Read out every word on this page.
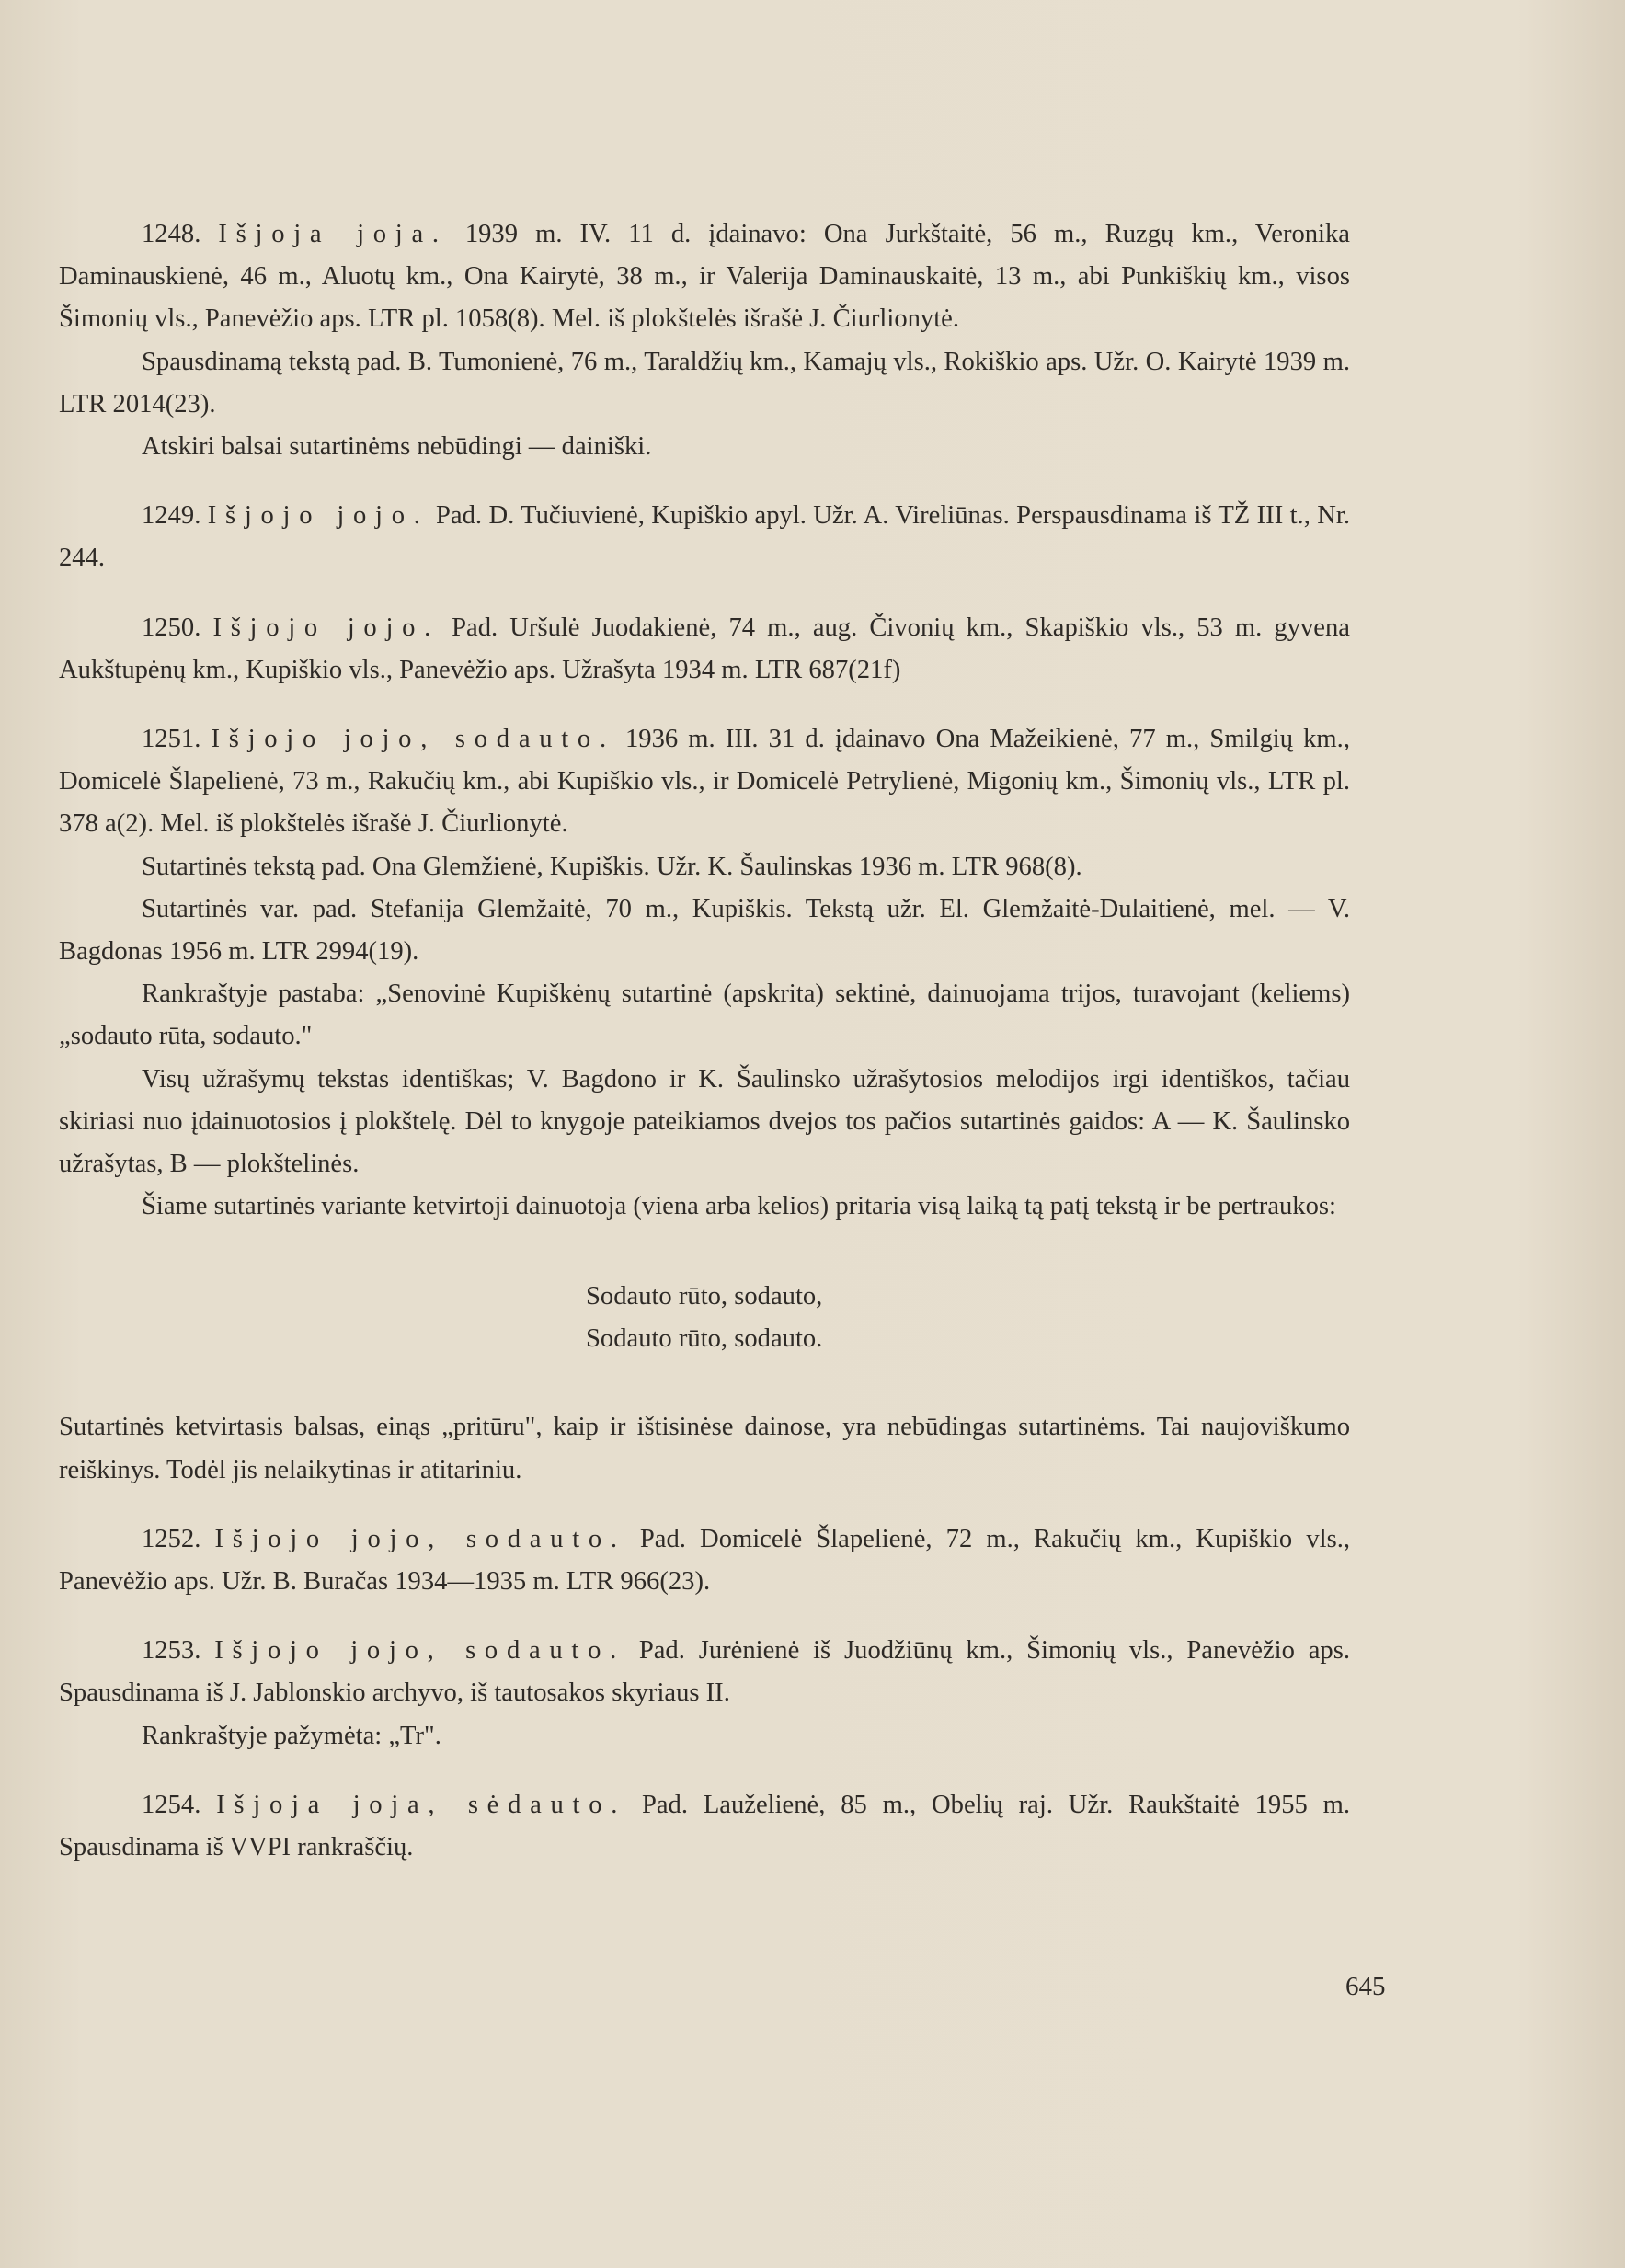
1248. Išjoja joja. 1939 m. IV. 11 d. įdainavo: Ona Jurkštaitė, 56 m., Ruzgų km., Veronika Daminauskienė, 46 m., Aluotų km., Ona Kairytė, 38 m., ir Valerija Daminauskaitė, 13 m., abi Punkiškių km., visos Šimonių vls., Panevėžio aps. LTR pl. 1058(8). Mel. iš plokštelės išrašė J. Čiurlionytė.

Spausdinamą tekstą pad. B. Tumonienė, 76 m., Taraldžių km., Kamajų vls., Rokiškio aps. Užr. O. Kairytė 1939 m. LTR 2014(23).

Atskiri balsai sutartinėms nebūdingi — dainiški.

1249. Išjojo jojo. Pad. D. Tučiuvienė, Kupiškio apyl. Užr. A. Vireliūnas. Perspausdinama iš TŽ III t., Nr. 244.

1250. Išjojo jojo. Pad. Uršulė Juodakienė, 74 m., aug. Čivonių km., Skapiškio vls., 53 m. gyvena Aukštupėnų km., Kupiškio vls., Panevėžio aps. Užrašyta 1934 m. LTR 687(21f)

1251. Išjojo jojo, sodauto. 1936 m. III. 31 d. įdainavo Ona Mažeikienė, 77 m., Smilgių km., Domicelė Šlapelienė, 73 m., Rakučių km., abi Kupiškio vls., ir Domicelė Petrylienė, Migonių km., Šimonių vls., LTR pl. 378 a(2). Mel. iš plokštelės išrašė J. Čiurlionytė.

Sutartinės tekstą pad. Ona Glemžienė, Kupiškis. Užr. K. Šaulinskas 1936 m. LTR 968(8).

Sutartinės var. pad. Stefanija Glemžaitė, 70 m., Kupiškis. Tekstą užr. El. Glemžaitė-Dulaitienė, mel. — V. Bagdonas 1956 m. LTR 2994(19).

Rankraštyje pastaba: „Senovinė Kupiškėnų sutartinė (apskrita) sektinė, dainuojama trijos, turavojant (keliems) „sodauto rūta, sodauto."

Visų užrašymų tekstas identiškas; V. Bagdono ir K. Šaulinsko užrašytosios melodijos irgi identiškos, tačiau skiriasi nuo įdainuotosios į plokštelę. Dėl to knygoje pateikiamos dvejos tos pačios sutartinės gaidos: A — K. Šaulinsko užrašytas, B — plokštelinės.

Šiame sutartinės variante ketvirtoji dainuotoja (viena arba kelios) pritaria visą laiką tą patį tekstą ir be pertraukos:

Sodauto rūto, sodauto,
Sodauto rūto, sodauto.

Sutartinės ketvirtasis balsas, einąs „pritūru", kaip ir ištisinėse dainose, yra nebūdingas sutartinėms. Tai naujoviškumo reiškinys. Todėl jis nelaikytinas ir atitariniu.

1252. Išjojo jojo, sodauto. Pad. Domicelė Šlapelienė, 72 m., Rakučių km., Kupiškio vls., Panevėžio aps. Užr. B. Buračas 1934—1935 m. LTR 966(23).

1253. Išjojo jojo, sodauto. Pad. Jurėnienė iš Juodžiūnų km., Šimonių vls., Panevėžio aps. Spausdinama iš J. Jablonskio archyvo, iš tautosakos skyriaus II.

Rankraštyje pažymėta: „Tr".

1254. Išjoja joja, sėdauto. Pad. Lauželienė, 85 m., Obelių raj. Užr. Raukštaitė 1955 m. Spausdinama iš VVPI rankraščių.

645
